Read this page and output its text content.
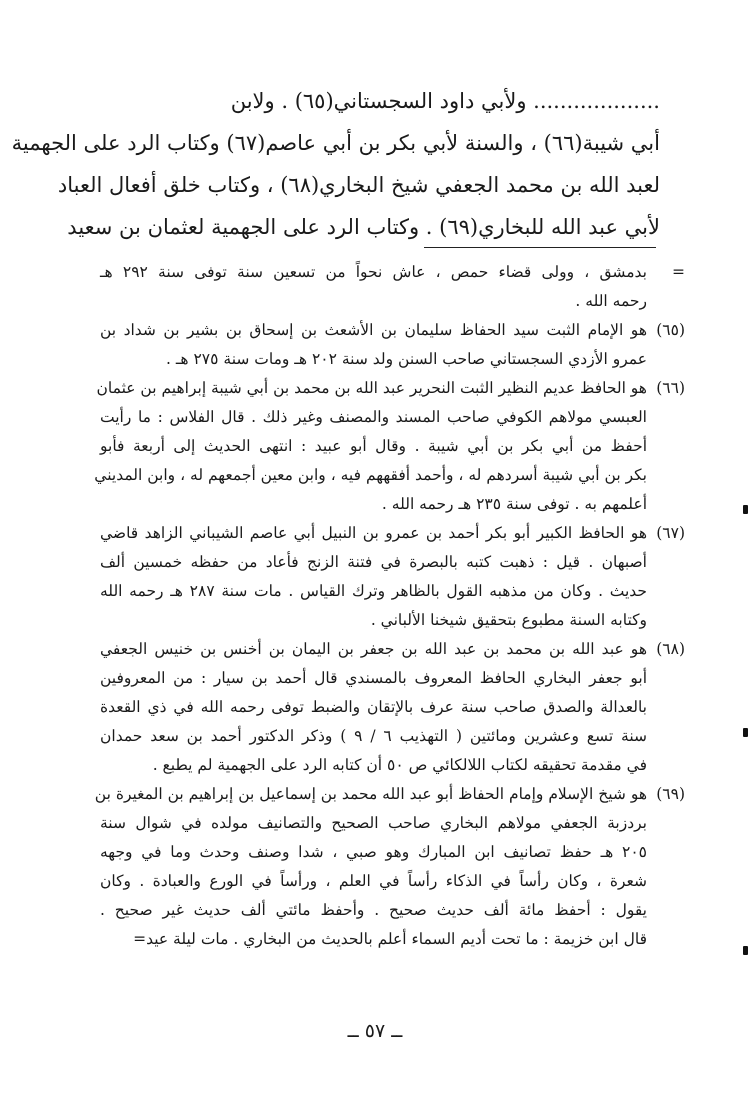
................... ولأبي داود السجستاني(٦٥) . ولابن
أبي شيبة(٦٦) ، والسنة لأبي بكر بن أبي عاصم(٦٧) وكتاب الرد على الجهمية
لعبد الله بن محمد الجعفي شيخ البخاري(٦٨) ، وكتاب خلق أفعال العباد
لأبي عبد الله للبخاري(٦٩) . وكتاب الرد على الجهمية لعثمان بن سعيد
=
بدمشق ، وولى قضاء حمص ، عاش نحواً من تسعين سنة توفى سنة ٢٩٢ هـ
رحمه الله .
(٦٥)
هو الإمام الثبت سيد الحفاظ سليمان بن الأشعث بن إسحاق بن بشير بن شداد بن
عمرو الأزدي السجستاني صاحب السنن ولد سنة ٢٠٢ هـ ومات سنة ٢٧٥ هـ .
(٦٦)
هو الحافظ عديم النظير الثبت النحرير عبد الله بن محمد بن أبي شيبة إبراهيم بن عثمان
العبسي مولاهم الكوفي صاحب المسند والمصنف وغير ذلك . قال الفلاس : ما رأيت
أحفظ من أبي بكر بن أبي شيبة . وقال أبو عبيد : انتهى الحديث إلى أربعة فأبو
بكر بن أبي شيبة أسردهم له ، وأحمد أفقههم فيه ، وابن معين أجمعهم له ، وابن المديني
أعلمهم به . توفى سنة ٢٣٥ هـ رحمه الله .
(٦٧)
هو الحافظ الكبير أبو بكر أحمد بن عمرو بن النبيل أبي عاصم الشيباني الزاهد قاضي
أصبهان . قيل : ذهبت كتبه بالبصرة في فتنة الزنج فأعاد من حفظه خمسين ألف
حديث . وكان من مذهبه القول بالظاهر وترك القياس . مات سنة ٢٨٧ هـ رحمه الله
وكتابه السنة مطبوع بتحقيق شيخنا الألباني .
(٦٨)
هو عبد الله بن محمد بن عبد الله بن جعفر بن اليمان بن أخنس بن خنيس الجعفي
أبو جعفر البخاري الحافظ المعروف بالمسندي قال أحمد بن سيار : من المعروفين
بالعدالة والصدق صاحب سنة عرف بالإتقان والضبط توفى رحمه الله في ذي القعدة
سنة تسع وعشرين ومائتين ( التهذيب ٦ / ٩ ) وذكر الدكتور أحمد بن سعد حمدان
في مقدمة تحقيقه لكتاب اللالكائي ص ٥٠ أن كتابه الرد على الجهمية لم يطبع .
(٦٩)
هو شيخ الإسلام وإمام الحفاظ أبو عبد الله محمد بن إسماعيل بن إبراهيم بن المغيرة بن
بردزبة الجعفي مولاهم البخاري صاحب الصحيح والتصانيف مولده في شوال سنة
٢٠٥ هـ حفظ تصانيف ابن المبارك وهو صبي ، شدا وصنف وحدث وما في وجهه
شعرة ، وكان رأساً في الذكاء رأساً في العلم ، ورأساً في الورع والعبادة . وكان
يقول : أحفظ مائة ألف حديث صحيح . وأحفظ مائتي ألف حديث غير صحيح .
قال ابن خزيمة : ما تحت أديم السماء أعلم بالحديث من البخاري . مات ليلة عيد=
ــ ٥٧ ــ
